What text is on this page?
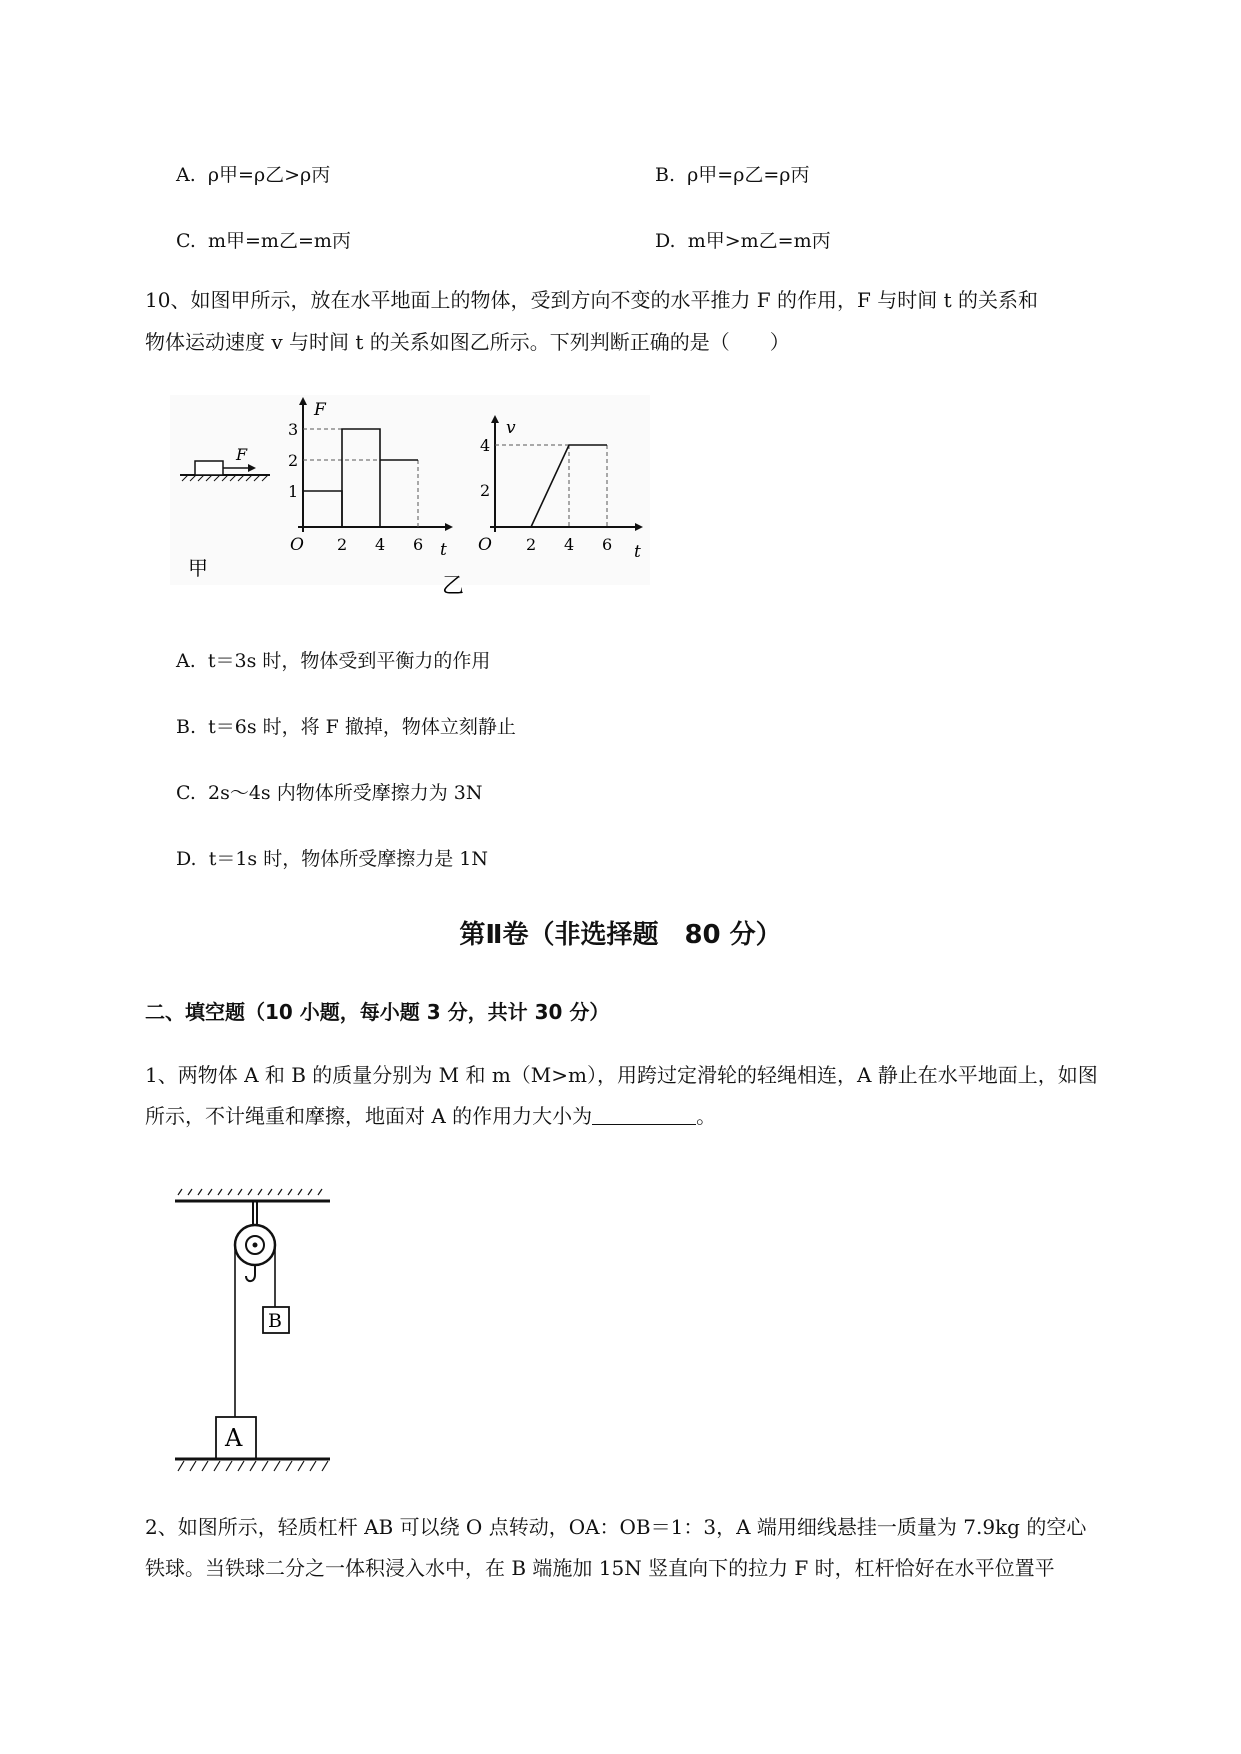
A. ρ甲=ρ乙>ρ丙	B. ρ甲=ρ乙=ρ丙
C. m甲=m乙=m丙	D. m甲>m乙=m丙
10、如图甲所示，放在水平地面上的物体，受到方向不变的水平推力 F 的作用，F 与时间 t 的关系和
物体运动速度 v 与时间 t 的关系如图乙所示。下列判断正确的是（　　）
F
甲
F
t
O
3
2
1
2 4 6
乙
v
t
O
4
2
2 4 6
A. t＝3s 时，物体受到平衡力的作用
B. t＝6s 时，将 F 撤掉，物体立刻静止
C. 2s～4s 内物体所受摩擦力为 3N
D. t＝1s 时，物体所受摩擦力是 1N
第Ⅱ卷（非选择题　80 分）
二、填空题（10 小题，每小题 3 分，共计 30 分）
1、两物体 A 和 B 的质量分别为 M 和 m（M>m），用跨过定滑轮的轻绳相连，A 静止在水平地面上，如图
所示，不计绳重和摩擦，地面对 A 的作用力大小为	。
B
A
2、如图所示，轻质杠杆 AB 可以绕 O 点转动，OA：OB＝1：3，A 端用细线悬挂一质量为 7.9kg 的空心
铁球。当铁球二分之一体积浸入水中，在 B 端施加 15N 竖直向下的拉力 F 时，杠杆恰好在水平位置平
